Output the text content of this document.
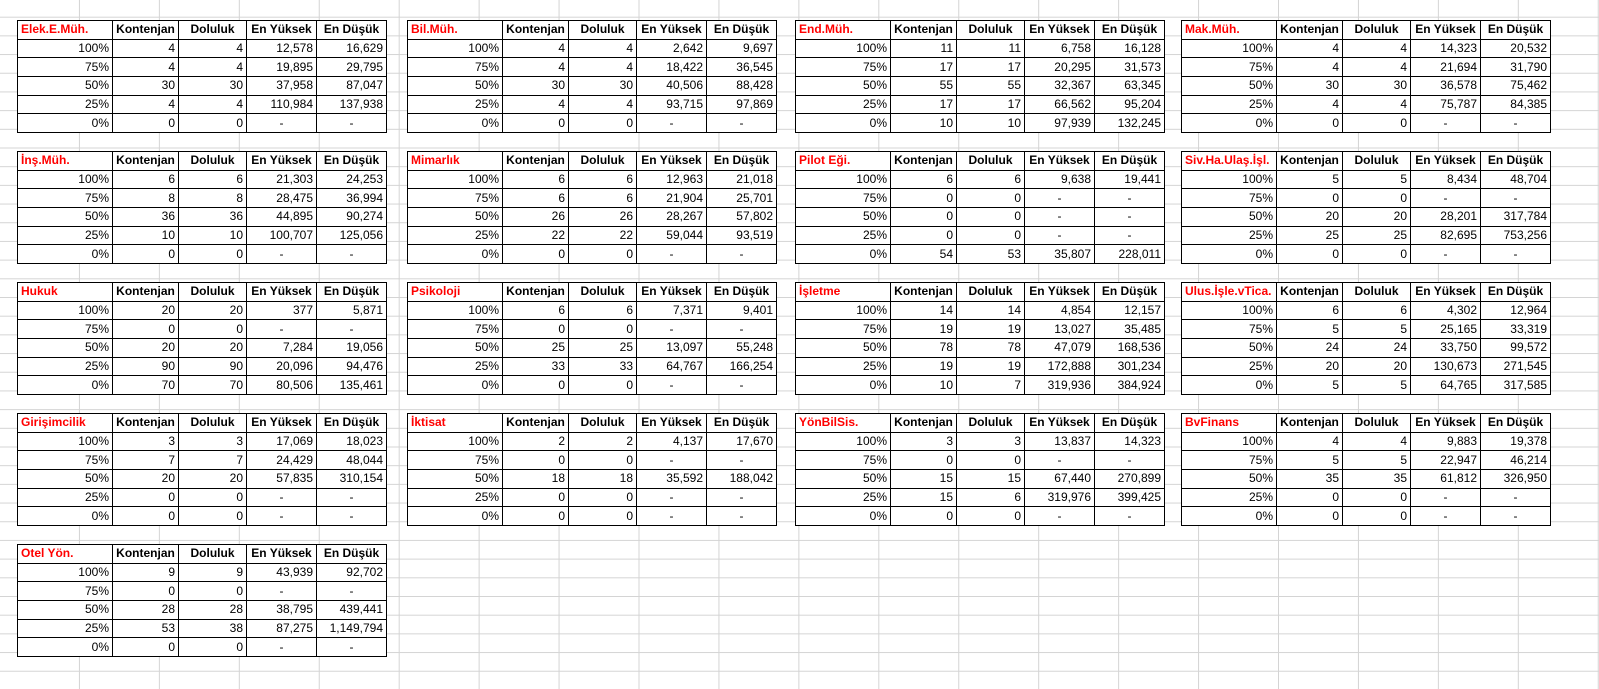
Elek.E.Müh.	Kontenjan	Doluluk	En Yüksek	En Düşük
100%	4	4	12,578	16,629
75%	4	4	19,895	29,795
50%	30	30	37,958	87,047
25%	4	4	110,984	137,938
0%	0	0	-	-
Bil.Müh.	Kontenjan	Doluluk	En Yüksek	En Düşük
100%	4	4	2,642	9,697
75%	4	4	18,422	36,545
50%	30	30	40,506	88,428
25%	4	4	93,715	97,869
0%	0	0	-	-
End.Müh.	Kontenjan	Doluluk	En Yüksek	En Düşük
100%	11	11	6,758	16,128
75%	17	17	20,295	31,573
50%	55	55	32,367	63,345
25%	17	17	66,562	95,204
0%	10	10	97,939	132,245
Mak.Müh.	Kontenjan	Doluluk	En Yüksek	En Düşük
100%	4	4	14,323	20,532
75%	4	4	21,694	31,790
50%	30	30	36,578	75,462
25%	4	4	75,787	84,385
0%	0	0	-	-
İnş.Müh.	Kontenjan	Doluluk	En Yüksek	En Düşük
100%	6	6	21,303	24,253
75%	8	8	28,475	36,994
50%	36	36	44,895	90,274
25%	10	10	100,707	125,056
0%	0	0	-	-
Mimarlık	Kontenjan	Doluluk	En Yüksek	En Düşük
100%	6	6	12,963	21,018
75%	6	6	21,904	25,701
50%	26	26	28,267	57,802
25%	22	22	59,044	93,519
0%	0	0	-	-
Pilot Eği.	Kontenjan	Doluluk	En Yüksek	En Düşük
100%	6	6	9,638	19,441
75%	0	0	-	-
50%	0	0	-	-
25%	0	0	-	-
0%	54	53	35,807	228,011
Siv.Ha.Ulaş.İşl.	Kontenjan	Doluluk	En Yüksek	En Düşük
100%	5	5	8,434	48,704
75%	0	0	-	-
50%	20	20	28,201	317,784
25%	25	25	82,695	753,256
0%	0	0	-	-
Hukuk	Kontenjan	Doluluk	En Yüksek	En Düşük
100%	20	20	377	5,871
75%	0	0	-	-
50%	20	20	7,284	19,056
25%	90	90	20,096	94,476
0%	70	70	80,506	135,461
Psikoloji	Kontenjan	Doluluk	En Yüksek	En Düşük
100%	6	6	7,371	9,401
75%	0	0	-	-
50%	25	25	13,097	55,248
25%	33	33	64,767	166,254
0%	0	0	-	-
İşletme	Kontenjan	Doluluk	En Yüksek	En Düşük
100%	14	14	4,854	12,157
75%	19	19	13,027	35,485
50%	78	78	47,079	168,536
25%	19	19	172,888	301,234
0%	10	7	319,936	384,924
Ulus.İşle.vTica.	Kontenjan	Doluluk	En Yüksek	En Düşük
100%	6	6	4,302	12,964
75%	5	5	25,165	33,319
50%	24	24	33,750	99,572
25%	20	20	130,673	271,545
0%	5	5	64,765	317,585
Girişimcilik	Kontenjan	Doluluk	En Yüksek	En Düşük
100%	3	3	17,069	18,023
75%	7	7	24,429	48,044
50%	20	20	57,835	310,154
25%	0	0	-	-
0%	0	0	-	-
İktisat	Kontenjan	Doluluk	En Yüksek	En Düşük
100%	2	2	4,137	17,670
75%	0	0	-	-
50%	18	18	35,592	188,042
25%	0	0	-	-
0%	0	0	-	-
YönBilSis.	Kontenjan	Doluluk	En Yüksek	En Düşük
100%	3	3	13,837	14,323
75%	0	0	-	-
50%	15	15	67,440	270,899
25%	15	6	319,976	399,425
0%	0	0	-	-
BvFinans	Kontenjan	Doluluk	En Yüksek	En Düşük
100%	4	4	9,883	19,378
75%	5	5	22,947	46,214
50%	35	35	61,812	326,950
25%	0	0	-	-
0%	0	0	-	-
Otel Yön.	Kontenjan	Doluluk	En Yüksek	En Düşük
100%	9	9	43,939	92,702
75%	0	0	-	-
50%	28	28	38,795	439,441
25%	53	38	87,275	1,149,794
0%	0	0	-	-
